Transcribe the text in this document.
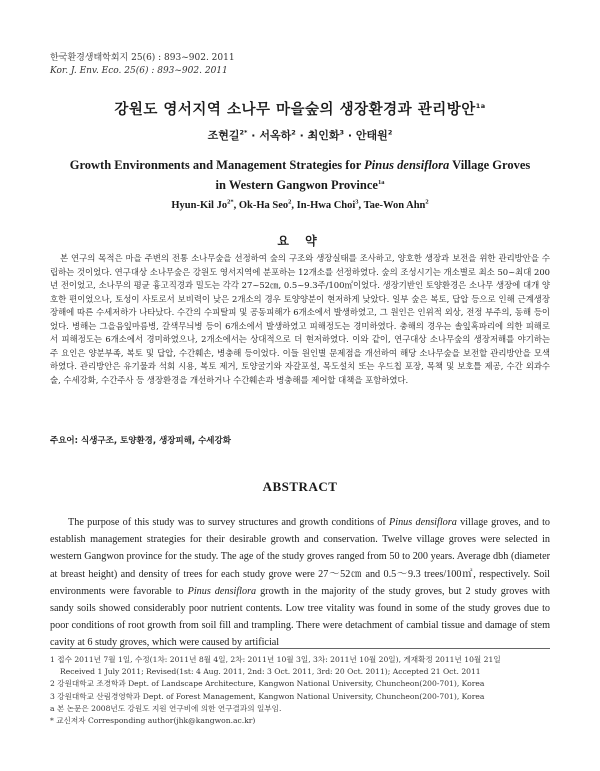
한국환경생태학회지 25(6) : 893~902. 2011
Kor. J. Env. Eco. 25(6) : 893~902. 2011
강원도 영서지역 소나무 마을숲의 생장환경과 관리방안$^{1a}$
조현길$^{2*}$ · 서옥하$^2$ · 최인화$^3$ · 안태원$^2$
Growth Environments and Management Strategies for Pinus densiflora Village Groves
in Western Gangwon Province$^{1a}$
Hyun-Kil $Jo^{2*}$, Ok-Ha Seo$^2$, In-Hwa Choi$^3$, Tae-Won Ahn$^2$
요 약

본 연구의 목적은 마을 주변의 전통 소나무숲을 선정하여 숲의 구조와 생장실태를 조사하고, 양호한 생장과 보전을 위한 관리방안을 수립하는 것이었다. 연구대상 소나무숲은 강원도 영서지역에 분포하는 12개소를 선정하였다. 숲의 조성시기는 개소별로 최소 50~최대 200년 전이었고, 소나무의 평균 흉고직경과 밀도는 각각 27~52㎝, 0.5~9.3주/100㎡이었다. 생장기반인 토양환경은 소나무 생장에 대개 양호한 편이었으나, 토성이 사토로서 보비력이 낮은 2개소의 경우 토양양분이 현저하게 낮았다. 일부 숲은 복토, 답압 등으로 인해 근계생장 장해에 따른 수세저하가 나타났다. 수간의 수피탈피 및 공동피해가 6개소에서 발생하였고, 그 원인은 인위적 외상, 전정 부주의, 동해 등이었다. 병해는 그을음잎마름병, 갈색무늬병 등이 6개소에서 발생하였고 피해정도는 경미하였다. 충해의 경우는 솔잎혹파리에 의한 피해로서 피해정도는 6개소에서 경미하였으나, 2개소에서는 상대적으로 더 현저하였다. 이와 같이, 연구대상 소나무숲의 생장저해를 야기하는 주 요인은 양분부족, 복토 및 답압, 수간훼손, 병충해 등이었다. 이들 원인별 문제점을 개선하여 해당 소나무숲을 보전할 관리방안을 모색하였다. 관리방안은 유기물과 석회 시용, 복토 제거, 토양굴기와 자갈포설, 목도설치 또는 우드칩 포장, 목책 및 보호틀 제공, 수간 외과수술, 수세강화, 수간주사 등 생장환경을 개선하거나 수간훼손과 병충해를 제어할 대책을 포함하였다.

주요어: 식생구조, 토양환경, 생장피해, 수세강화
ABSTRACT

The purpose of this study was to survey structures and growth conditions of Pinus densiflora village groves, and to establish management strategies for their desirable growth and conservation. Twelve village groves were selected in western Gangwon province for the study. The age of the study groves ranged from 50 to 200 years. Average dbh (diameter at breast height) and density of trees for each study grove were 27～52㎝ and 0.5～9.3 trees/100㎡, respectively. Soil environments were favorable to Pinus densiflora growth in the majority of the study groves, but 2 study groves with sandy soils showed considerably poor nutrient contents. Low tree vitality was found in some of the study groves due to poor conditions of root growth from soil fill and trampling. There were detachment of cambial tissue and damage of stem cavity at 6 study groves, which were caused by artificial

1 접수 2011년 7월 1일, 수정(1차: 2011년 8월 4일, 2차: 2011년 10월 3일, 3차: 2011년 10월 20일), 게재확정 2011년 10월 21일
Received 1 July 2011; Revised(1st: 4 Aug. 2011, 2nd: 3 Oct. 2011, 3rd: 20 Oct. 2011); Accepted 21 Oct. 2011
2 강원대학교 조경학과 Dept. of Landscape Architecture, Kangwon National University, Chuncheon(200-701), Korea
3 강원대학교 산림경영학과 Dept. of Forest Management, Kangwon National University, Chuncheon(200-701), Korea
a 본 논문은 2008년도 강원도 지원 연구비에 의한 연구결과의 일부임.
* 교신저자 Corresponding author(jhk@kangwon.ac.kr)
